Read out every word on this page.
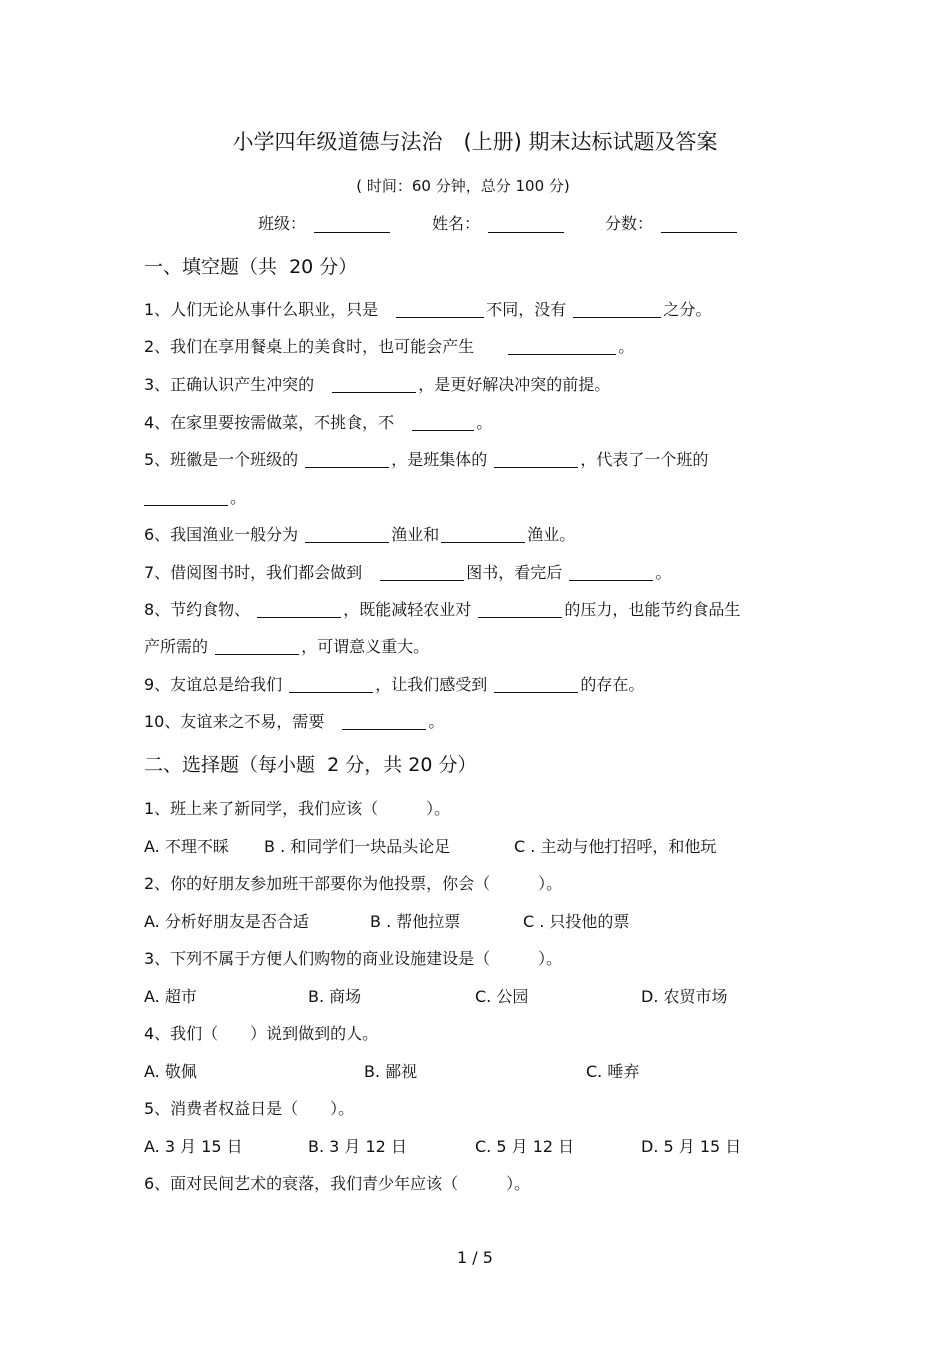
小学四年级道德与法治　(上册) 期末达标试题及答案
( 时间：60 分钟，总分 100 分)
班级：	姓名：	分数：
一、填空题（共  20 分）
1、人们无论从事什么职业，只是　	不同，没有	之分。
2、我们在享用餐桌上的美食时，也可能会产生　　	。
3、正确认识产生冲突的　	，是更好解决冲突的前提。
4、在家里要按需做菜，不挑食，不　	。
5、班徽是一个班级的	，是班集体的	，代表了一个班的
。
6、我国渔业一般分为	渔业和	渔业。
7、借阅图书时，我们都会做到　	图书，看完后	。
8、节约食物、	，既能减轻农业对	的压力，也能节约食品生
产所需的	，可谓意义重大。
9、友谊总是给我们	，让我们感受到	的存在。
10、友谊来之不易，需要　	。
二、选择题（每小题  2 分，共 20 分）
1、班上来了新同学，我们应该（　　　）。
A. 不理不睬 B . 和同学们一块品头论足	C . 主动与他打招呼，和他玩
2、你的好朋友参加班干部要你为他投票，你会（　　　）。
A. 分析好朋友是否合适	B . 帮他拉票	C . 只投他的票
3、下列不属于方便人们购物的商业设施建设是（　　　）。
A. 超市	B. 商场	C. 公园	D. 农贸市场
4、我们（　　）说到做到的人。
A. 敬佩	B. 鄙视	C. 唾弃
5、消费者权益日是（　　）。
A. 3 月 15 日	B. 3 月 12 日	C. 5 月 12 日	D. 5 月 15 日
6、面对民间艺术的衰落，我们青少年应该（　　　）。
1 / 5
